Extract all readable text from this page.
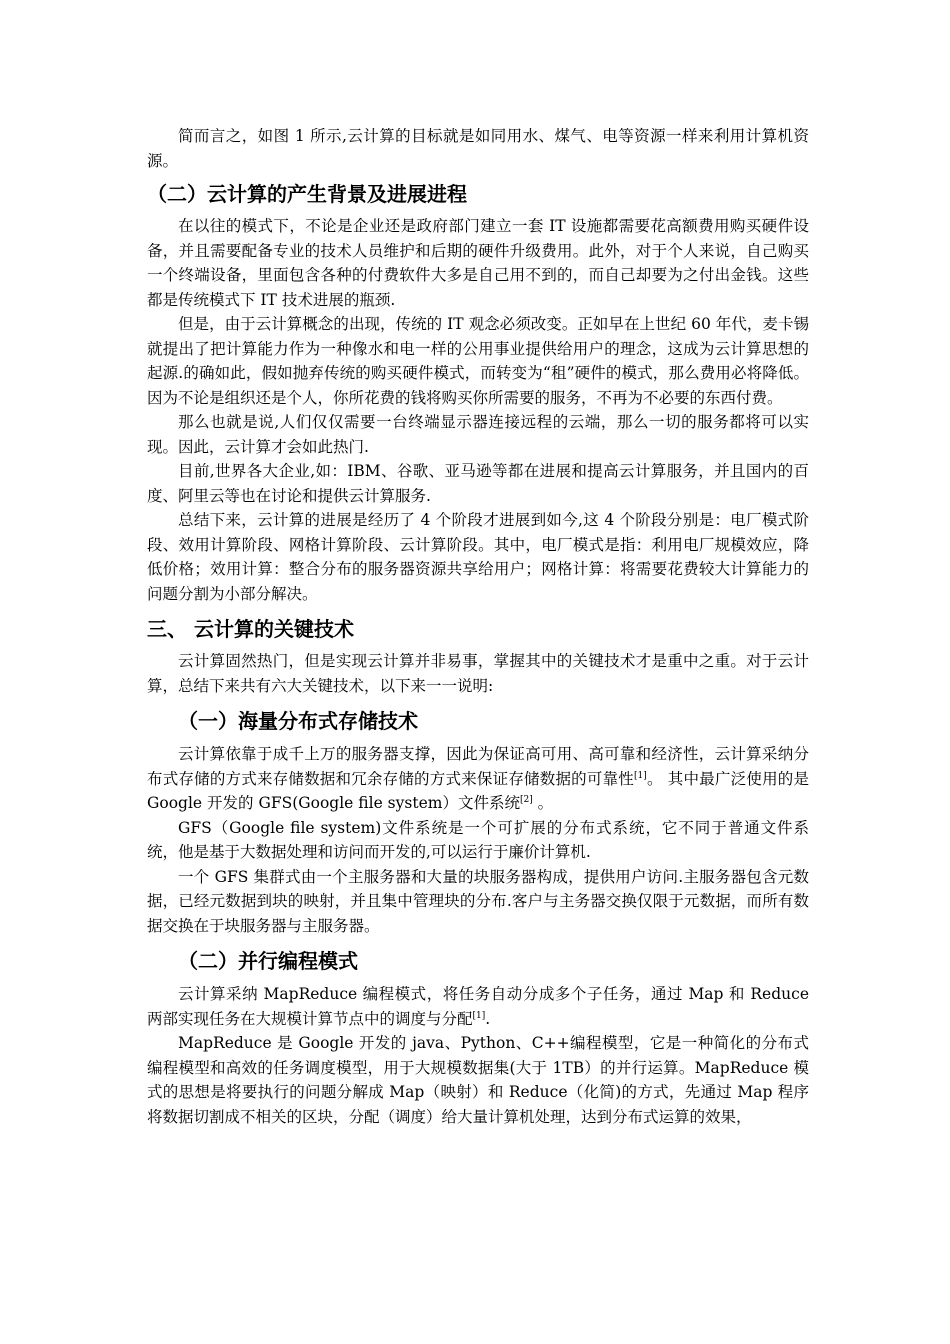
简而言之，如图 1 所示,云计算的目标就是如同用水、煤气、电等资源一样来利用计算机资源。

（二）云计算的产生背景及进展进程

在以往的模式下，不论是企业还是政府部门建立一套 IT 设施都需要花高额费用购买硬件设备，并且需要配备专业的技术人员维护和后期的硬件升级费用。此外，对于个人来说，自己购买一个终端设备，里面包含各种的付费软件大多是自己用不到的，而自己却要为之付出金钱。这些都是传统模式下 IT 技术进展的瓶颈.

但是，由于云计算概念的出现，传统的 IT 观念必须改变。正如早在上世纪 60 年代，麦卡锡就提出了把计算能力作为一种像水和电一样的公用事业提供给用户的理念，这成为云计算思想的起源.的确如此，假如抛弃传统的购买硬件模式，而转变为“租”硬件的模式，那么费用必将降低。因为不论是组织还是个人，你所花费的钱将购买你所需要的服务，不再为不必要的东西付费。

那么也就是说,人们仅仅需要一台终端显示器连接远程的云端，那么一切的服务都将可以实现。因此，云计算才会如此热门.

目前,世界各大企业,如：IBM、谷歌、亚马逊等都在进展和提高云计算服务，并且国内的百度、阿里云等也在讨论和提供云计算服务.

总结下来，云计算的进展是经历了 4 个阶段才进展到如今,这 4 个阶段分别是：电厂模式阶段、效用计算阶段、网格计算阶段、云计算阶段。其中，电厂模式是指：利用电厂规模效应，降低价格；效用计算：整合分布的服务器资源共享给用户；网格计算：将需要花费较大计算能力的问题分割为小部分解决。

三、 云计算的关键技术

云计算固然热门，但是实现云计算并非易事，掌握其中的关键技术才是重中之重。对于云计算，总结下来共有六大关键技术，以下来一一说明:

（一）海量分布式存储技术

云计算依靠于成千上万的服务器支撑，因此为保证高可用、高可靠和经济性，云计算采纳分布式存储的方式来存储数据和冗余存储的方式来保证存储数据的可靠性[1]。 其中最广泛使用的是 Google 开发的 GFS(Google file system）文件系统[2] 。

GFS（Google file system)文件系统是一个可扩展的分布式系统，它不同于普通文件系统，他是基于大数据处理和访问而开发的,可以运行于廉价计算机.

一个 GFS 集群式由一个主服务器和大量的块服务器构成，提供用户访问.主服务器包含元数据，已经元数据到块的映射，并且集中管理块的分布.客户与主务器交换仅限于元数据，而所有数据交换在于块服务器与主服务器。

（二）并行编程模式

云计算采纳 MapReduce 编程模式，将任务自动分成多个子任务，通过 Map 和 Reduce 两部实现任务在大规模计算节点中的调度与分配[1].

MapReduce 是 Google 开发的 java、Python、C++编程模型，它是一种简化的分布式编程模型和高效的任务调度模型，用于大规模数据集(大于 1TB）的并行运算。MapReduce 模式的思想是将要执行的问题分解成 Map（映射）和 Reduce（化简)的方式，先通过 Map 程序将数据切割成不相关的区块，分配（调度）给大量计算机处理，达到分布式运算的效果，
